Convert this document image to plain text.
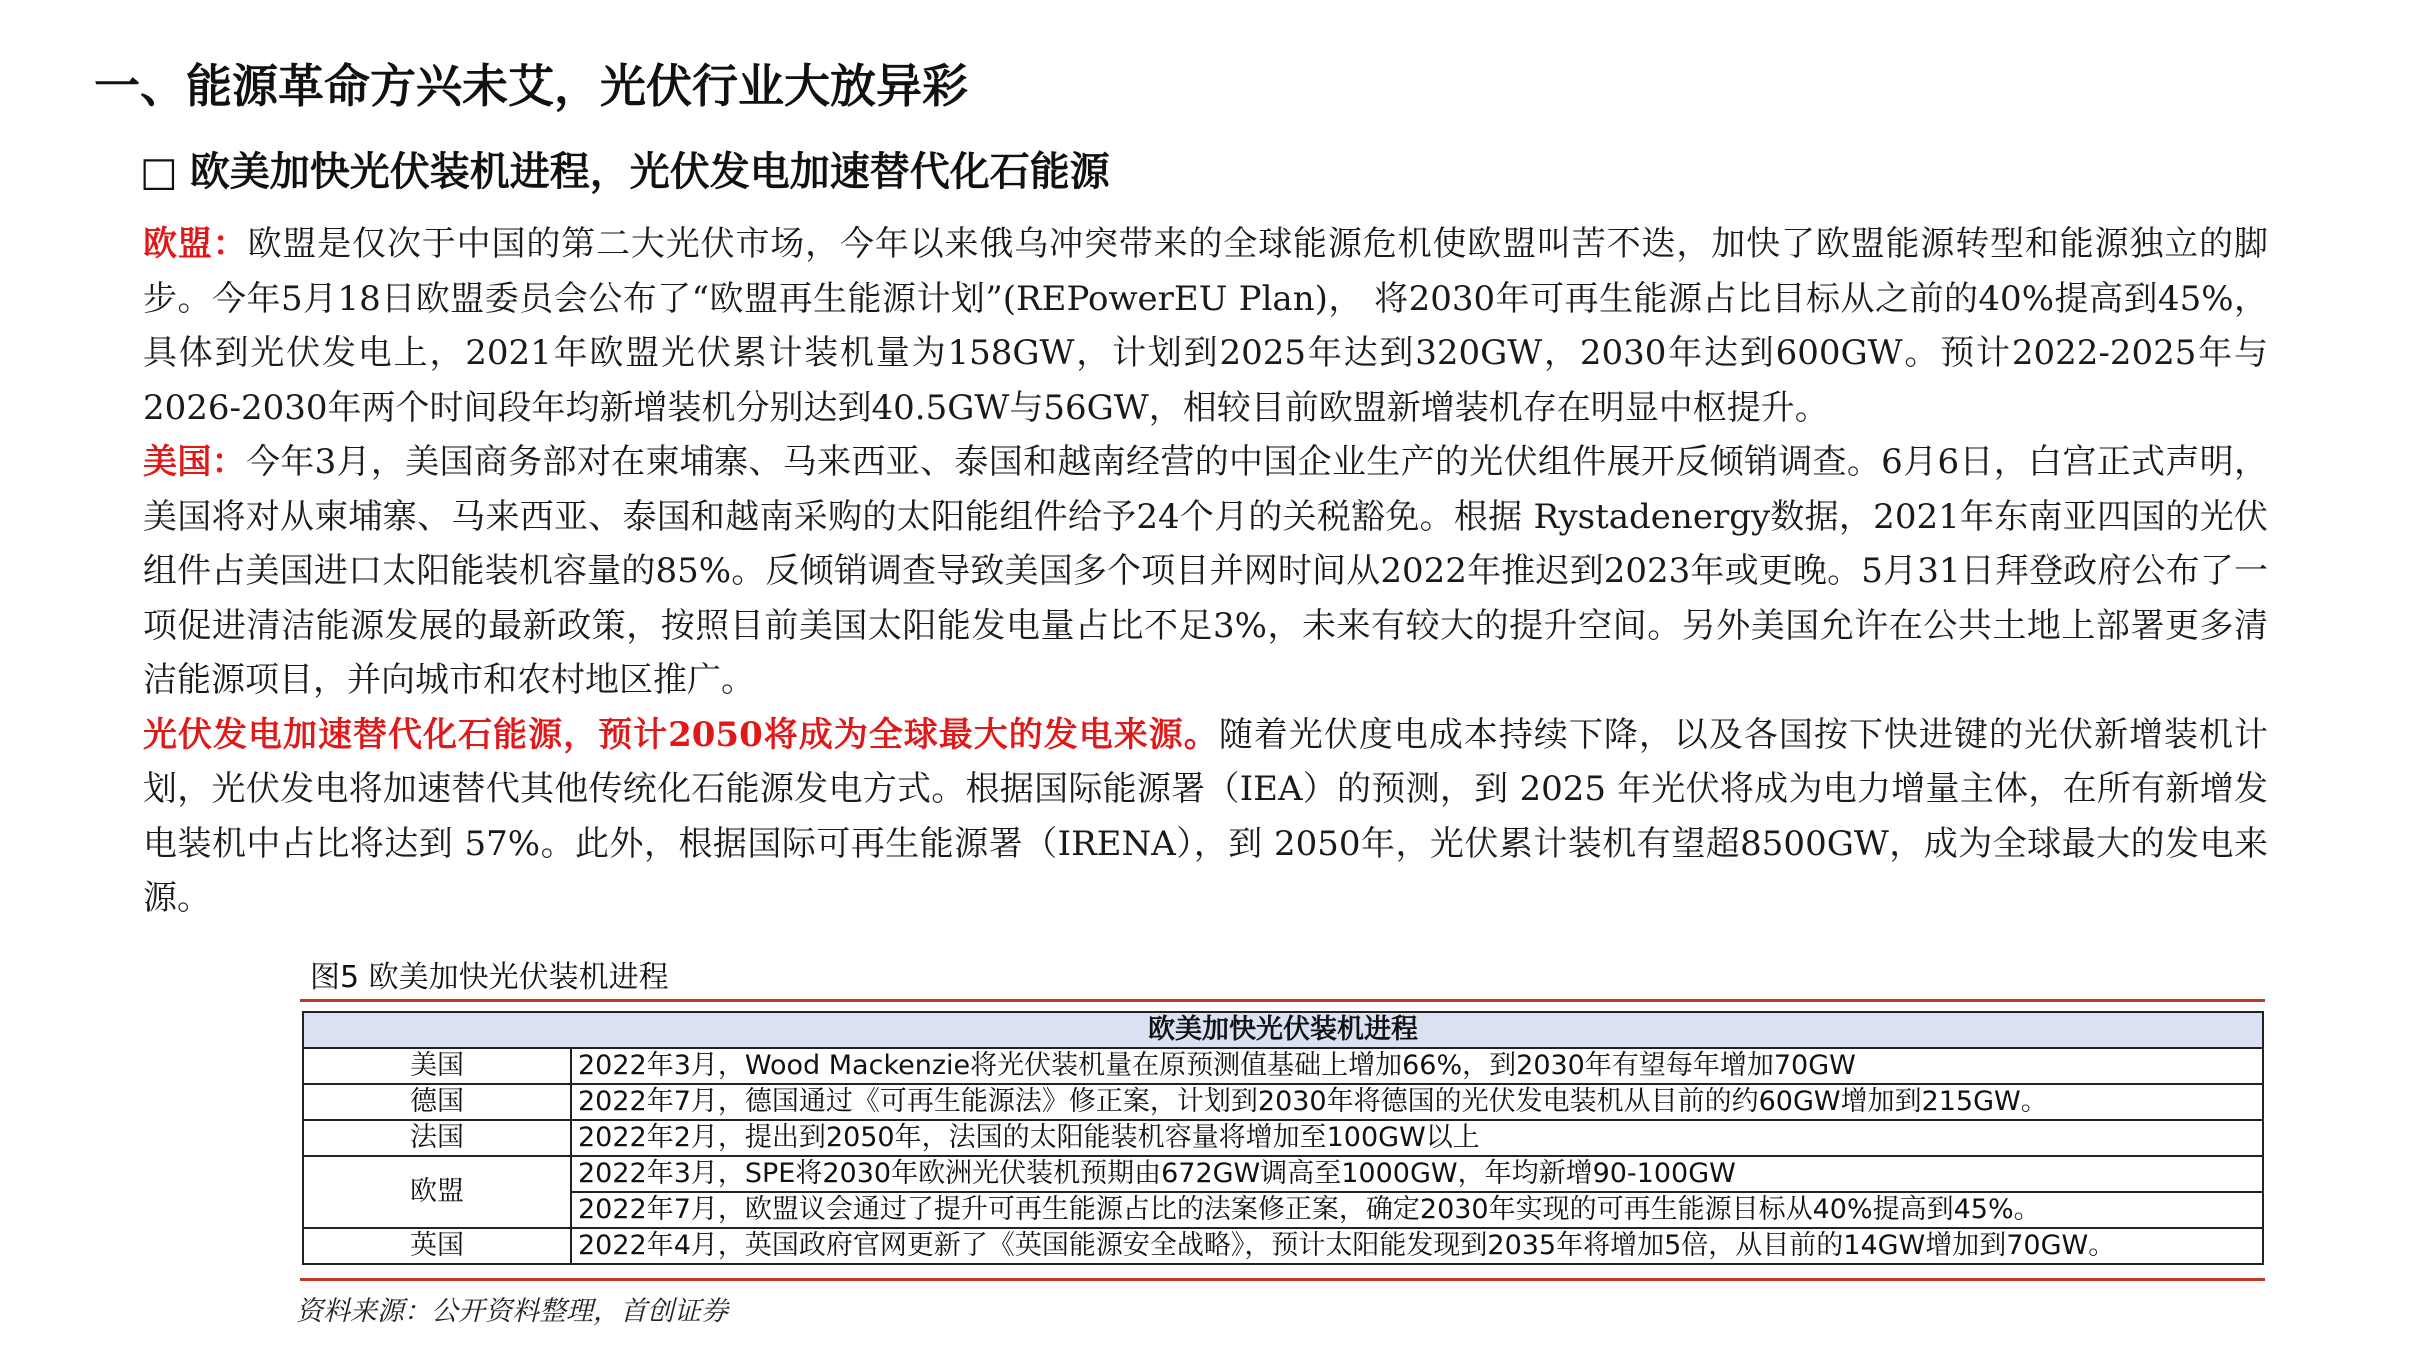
一、能源革命方兴未艾，光伏行业大放异彩
□ 欧美加快光伏装机进程，光伏发电加速替代化石能源

欧盟：欧盟是仅次于中国的第二大光伏市场，今年以来俄乌冲突带来的全球能源危机使欧盟叫苦不迭，加快了欧盟能源转型和能源独立的脚步。今年5月18日欧盟委员会公布了“欧盟再生能源计划”(REPowerEU Plan)， 将2030年可再生能源占比目标从之前的40%提高到45%，具体到光伏发电上，2021年欧盟光伏累计装机量为158GW，计划到2025年达到320GW，2030年达到600GW。预计2022-2025年与2026-2030年两个时间段年均新增装机分别达到40.5GW与56GW，相较目前欧盟新增装机存在明显中枢提升。

美国：今年3月，美国商务部对在柬埔寨、马来西亚、泰国和越南经营的中国企业生产的光伏组件展开反倾销调查。6月6日，白宫正式声明，美国将对从柬埔寨、马来西亚、泰国和越南采购的太阳能组件给予24个月的关税豁免。根据 Rystadenergy数据，2021年东南亚四国的光伏组件占美国进口太阳能装机容量的85%。反倾销调查导致美国多个项目并网时间从2022年推迟到2023年或更晚。5月31日拜登政府公布了一项促进清洁能源发展的最新政策，按照目前美国太阳能发电量占比不足3%，未来有较大的提升空间。另外美国允许在公共土地上部署更多清洁能源项目，并向城市和农村地区推广。

光伏发电加速替代化石能源，预计2050将成为全球最大的发电来源。随着光伏度电成本持续下降，以及各国按下快进键的光伏新增装机计划，光伏发电将加速替代其他传统化石能源发电方式。根据国际能源署（IEA）的预测，到 2025 年光伏将成为电力增量主体，在所有新增发电装机中占比将达到 57%。此外，根据国际可再生能源署（IRENA），到 2050年，光伏累计装机有望超8500GW，成为全球最大的发电来源。

图5 欧美加快光伏装机进程

欧美加快光伏装机进程	
美国	2022年3月，Wood Mackenzie将光伏装机量在原预测值基础上增加66%，到2030年有望每年增加70GW
德国	2022年7月，德国通过《可再生能源法》修正案，计划到2030年将德国的光伏发电装机从目前的约60GW增加到215GW。
法国	2022年2月，提出到2050年，法国的太阳能装机容量将增加至100GW以上
欧盟	2022年3月，SPE将2030年欧洲光伏装机预期由672GW调高至1000GW，年均新增90-100GW
	2022年7月，欧盟议会通过了提升可再生能源占比的法案修正案，确定2030年实现的可再生能源目标从40%提高到45%。
英国	2022年4月，英国政府官网更新了《英国能源安全战略》，预计太阳能发现到2035年将增加5倍，从目前的14GW增加到70GW。

资料来源：公开资料整理，首创证券
